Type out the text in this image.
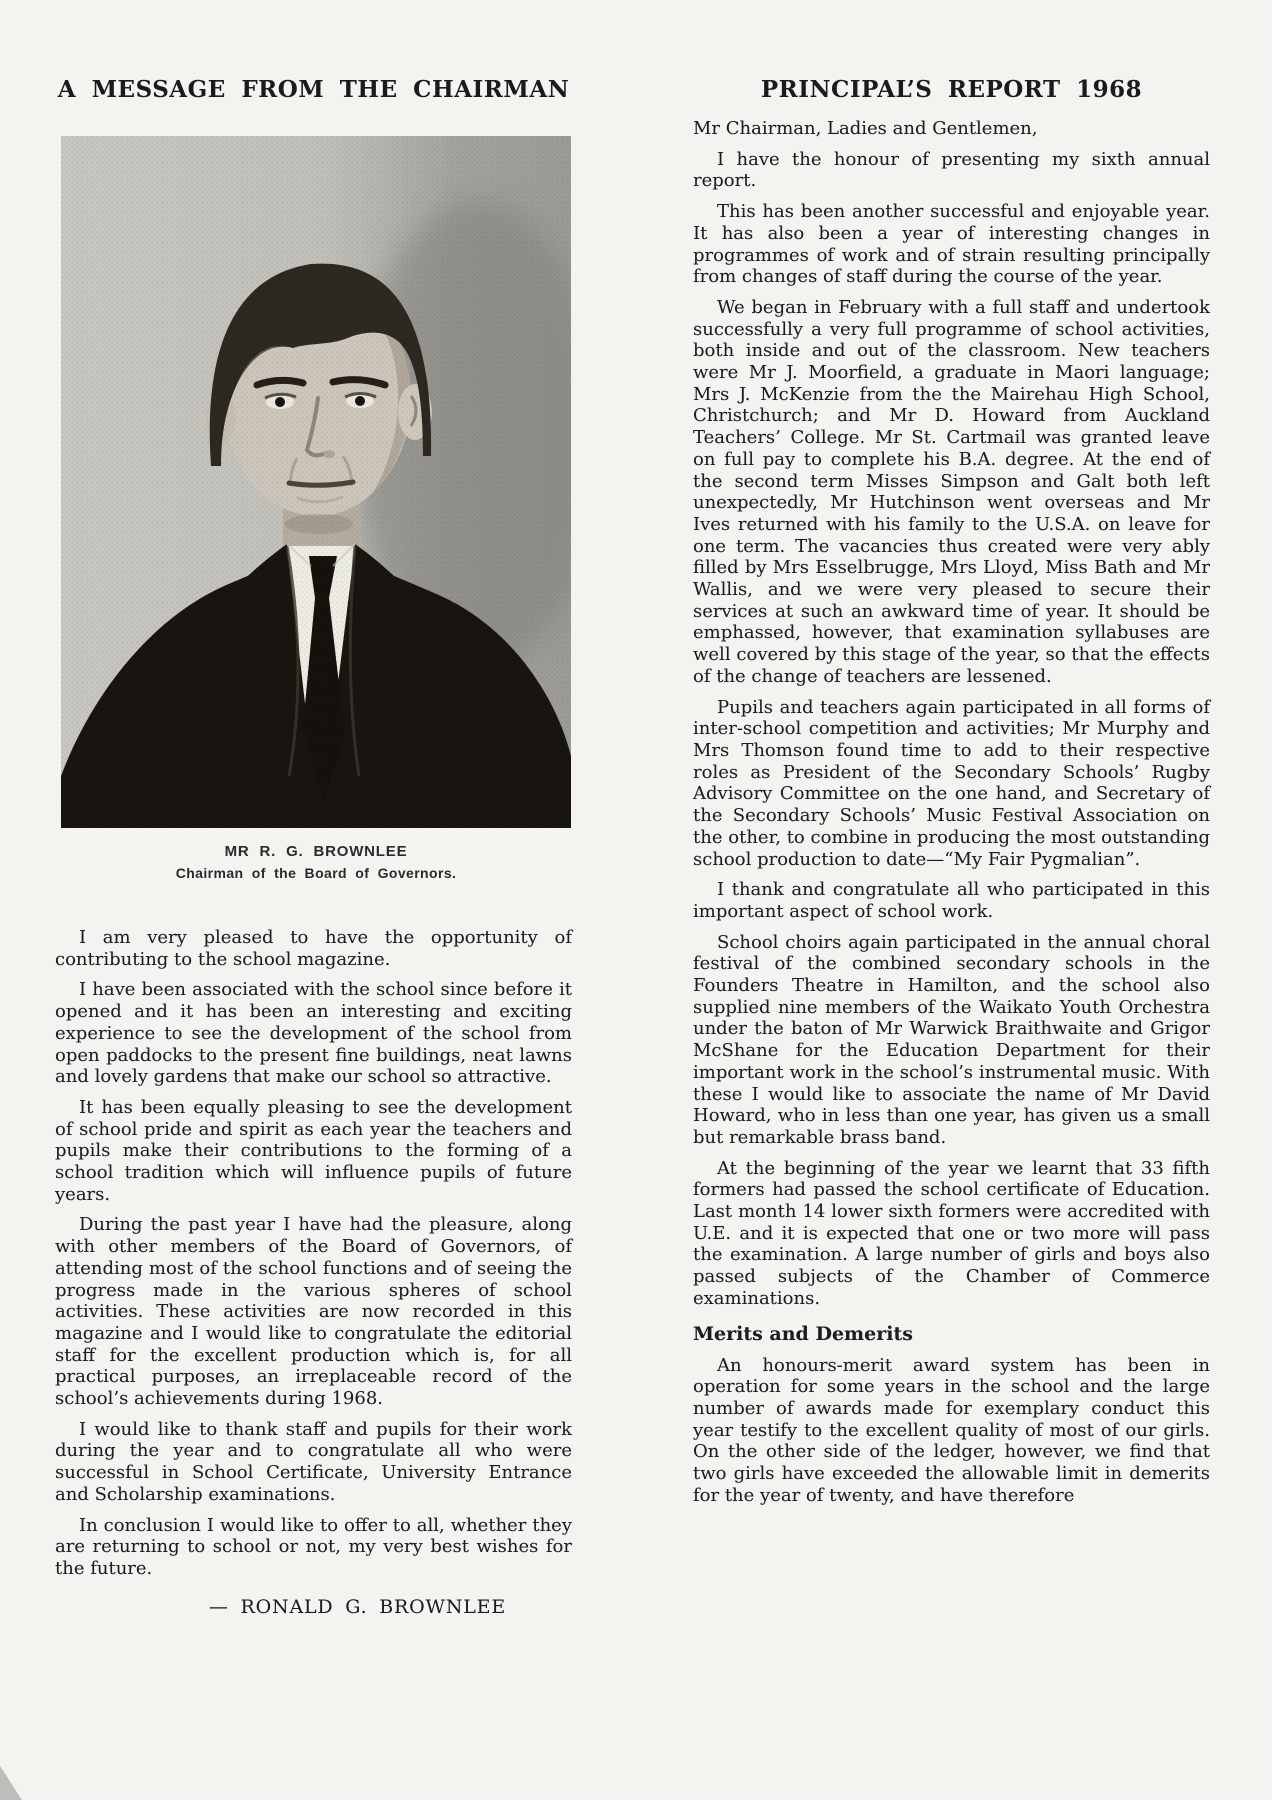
A MESSAGE FROM THE CHAIRMAN
MR R. G. BROWNLEE
Chairman of the Board of Governors.

I am very pleased to have the opportunity of contributing to the school magazine.

I have been associated with the school since before it opened and it has been an interesting and exciting experience to see the development of the school from open paddocks to the present fine buildings, neat lawns and lovely gardens that make our school so attractive.

It has been equally pleasing to see the development of school pride and spirit as each year the teachers and pupils make their contributions to the forming of a school tradition which will influence pupils of future years.

During the past year I have had the pleasure, along with other members of the Board of Governors, of attending most of the school functions and of seeing the progress made in the various spheres of school activities. These activities are now recorded in this magazine and I would like to congratulate the editorial staff for the excellent production which is, for all practical purposes, an irreplaceable record of the school’s achievements during 1968.

I would like to thank staff and pupils for their work during the year and to congratulate all who were successful in School Certificate, University Entrance and Scholarship examinations.

In conclusion I would like to offer to all, whether they are returning to school or not, my very best wishes for the future.

— RONALD G. BROWNLEE
PRINCIPAL’S REPORT 1968

Mr Chairman, Ladies and Gentlemen,

I have the honour of presenting my sixth annual report.

This has been another successful and enjoyable year. It has also been a year of interesting changes in programmes of work and of strain resulting principally from changes of staff during the course of the year.

We began in February with a full staff and undertook successfully a very full programme of school activities, both inside and out of the classroom. New teachers were Mr J. Moorfield, a graduate in Maori language; Mrs J. McKenzie from the the Mairehau High School, Christchurch; and Mr D. Howard from Auckland Teachers’ College. Mr St. Cartmail was granted leave on full pay to complete his B.A. degree. At the end of the second term Misses Simpson and Galt both left unexpectedly, Mr Hutchinson went overseas and Mr Ives returned with his family to the U.S.A. on leave for one term. The vacancies thus created were very ably filled by Mrs Esselbrugge, Mrs Lloyd, Miss Bath and Mr Wallis, and we were very pleased to secure their services at such an awkward time of year. It should be emphassed, however, that examination syllabuses are well covered by this stage of the year, so that the effects of the change of teachers are lessened.

Pupils and teachers again participated in all forms of inter-school competition and activities; Mr Murphy and Mrs Thomson found time to add to their respective roles as President of the Secondary Schools’ Rugby Advisory Committee on the one hand, and Secretary of the Secondary Schools’ Music Festival Association on the other, to combine in producing the most outstanding school production to date—“My Fair Pygmalian”.

I thank and congratulate all who participated in this important aspect of school work.

School choirs again participated in the annual choral festival of the combined secondary schools in the Founders Theatre in Hamilton, and the school also supplied nine members of the Waikato Youth Orchestra under the baton of Mr Warwick Braithwaite and Grigor McShane for the Education Department for their important work in the school’s instrumental music. With these I would like to associate the name of Mr David Howard, who in less than one year, has given us a small but remarkable brass band.

At the beginning of the year we learnt that 33 fifth formers had passed the school certificate of Education. Last month 14 lower sixth formers were accredited with U.E. and it is expected that one or two more will pass the examination. A large number of girls and boys also passed subjects of the Chamber of Commerce examinations.

Merits and Demerits

An honours-merit award system has been in operation for some years in the school and the large number of awards made for exemplary conduct this year testify to the excellent quality of most of our girls. On the other side of the ledger, however, we find that two girls have exceeded the allowable limit in demerits for the year of twenty, and have therefore
